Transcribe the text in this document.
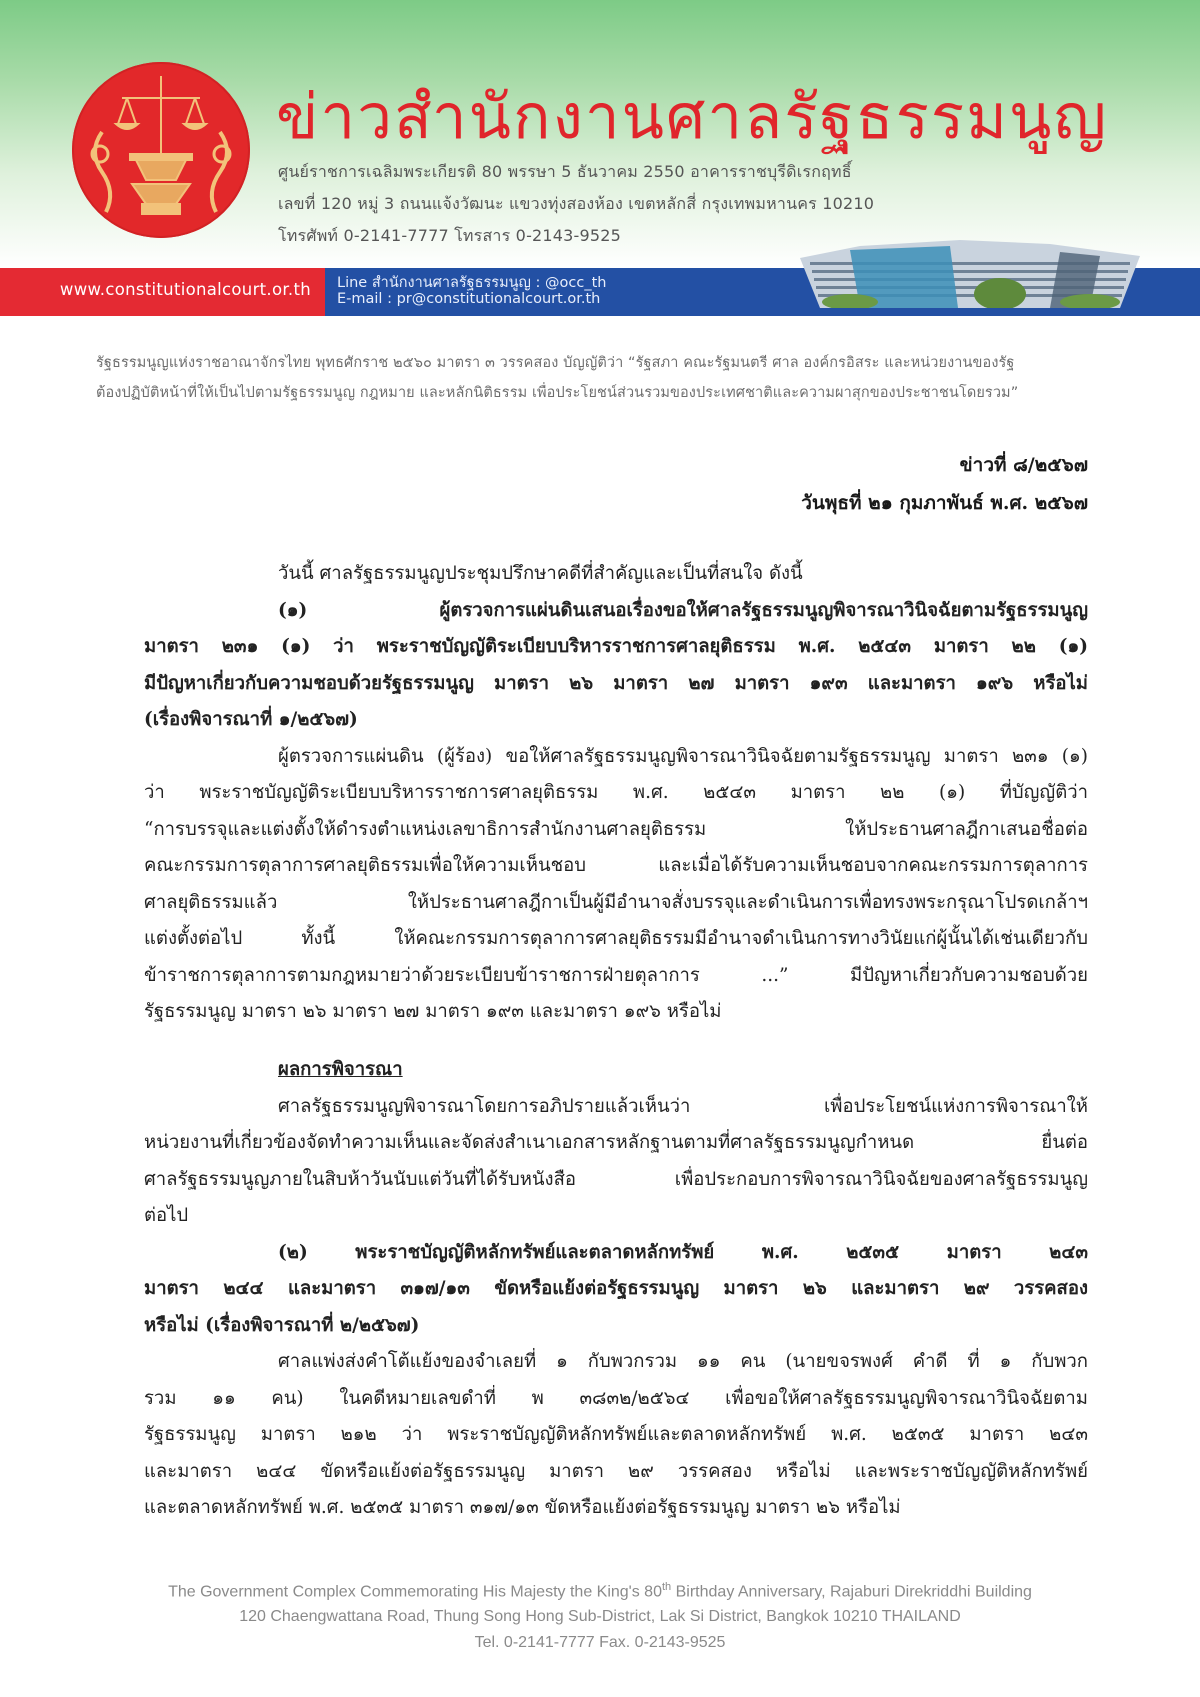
ข่าวสำนักงานศาลรัฐธรรมนูญ
ศูนย์ราชการเฉลิมพระเกียรติ 80 พรรษา 5 ธันวาคม 2550 อาคารราชบุรีดิเรกฤทธิ์
เลขที่ 120 หมู่ 3 ถนนแจ้งวัฒนะ แขวงทุ่งสองห้อง เขตหลักสี่ กรุงเทพมหานคร 10210
โทรศัพท์ 0-2141-7777 โทรสาร 0-2143-9525
www.constitutionalcourt.or.th Line สำนักงานศาลรัฐธรรมนูญ : @occ_th
E-mail : pr@constitutionalcourt.or.th
รัฐธรรมนูญแห่งราชอาณาจักรไทย พุทธศักราช ๒๕๖๐ มาตรา ๓ วรรคสอง บัญญัติว่า “รัฐสภา คณะรัฐมนตรี ศาล องค์กรอิสระ และหน่วยงานของรัฐ
ต้องปฏิบัติหน้าที่ให้เป็นไปตามรัฐธรรมนูญ กฎหมาย และหลักนิติธรรม เพื่อประโยชน์ส่วนรวมของประเทศชาติและความผาสุกของประชาชนโดยรวม”
ข่าวที่ ๘/๒๕๖๗
วันพุธที่ ๒๑ กุมภาพันธ์ พ.ศ. ๒๕๖๗
วันนี้ ศาลรัฐธรรมนูญประชุมปรึกษาคดีที่สำคัญและเป็นที่สนใจ ดังนี้
(๑) ผู้ตรวจการแผ่นดินเสนอเรื่องขอให้ศาลรัฐธรรมนูญพิจารณาวินิจฉัยตามรัฐธรรมนูญ
มาตรา ๒๓๑ (๑) ว่า พระราชบัญญัติระเบียบบริหารราชการศาลยุติธรรม พ.ศ. ๒๕๔๓ มาตรา ๒๒ (๑)
มีปัญหาเกี่ยวกับความชอบด้วยรัฐธรรมนูญ มาตรา ๒๖ มาตรา ๒๗ มาตรา ๑๙๓ และมาตรา ๑๙๖ หรือไม่
(เรื่องพิจารณาที่ ๑/๒๕๖๗)
ผู้ตรวจการแผ่นดิน (ผู้ร้อง) ขอให้ศาลรัฐธรรมนูญพิจารณาวินิจฉัยตามรัฐธรรมนูญ มาตรา ๒๓๑ (๑)
ว่า พระราชบัญญัติระเบียบบริหารราชการศาลยุติธรรม พ.ศ. ๒๕๔๓ มาตรา ๒๒ (๑) ที่บัญญัติว่า
“การบรรจุและแต่งตั้งให้ดำรงตำแหน่งเลขาธิการสำนักงานศาลยุติธรรม ให้ประธานศาลฎีกาเสนอชื่อต่อ
คณะกรรมการตุลาการศาลยุติธรรมเพื่อให้ความเห็นชอบ และเมื่อได้รับความเห็นชอบจากคณะกรรมการตุลาการ
ศาลยุติธรรมแล้ว ให้ประธานศาลฎีกาเป็นผู้มีอำนาจสั่งบรรจุและดำเนินการเพื่อทรงพระกรุณาโปรดเกล้าฯ
แต่งตั้งต่อไป ทั้งนี้ ให้คณะกรรมการตุลาการศาลยุติธรรมมีอำนาจดำเนินการทางวินัยแก่ผู้นั้นได้เช่นเดียวกับ
ข้าราชการตุลาการตามกฎหมายว่าด้วยระเบียบข้าราชการฝ่ายตุลาการ ...” มีปัญหาเกี่ยวกับความชอบด้วย
รัฐธรรมนูญ มาตรา ๒๖ มาตรา ๒๗ มาตรา ๑๙๓ และมาตรา ๑๙๖ หรือไม่
ผลการพิจารณา
ศาลรัฐธรรมนูญพิจารณาโดยการอภิปรายแล้วเห็นว่า เพื่อประโยชน์แห่งการพิจารณาให้
หน่วยงานที่เกี่ยวข้องจัดทำความเห็นและจัดส่งสำเนาเอกสารหลักฐานตามที่ศาลรัฐธรรมนูญกำหนด ยื่นต่อ
ศาลรัฐธรรมนูญภายในสิบห้าวันนับแต่วันที่ได้รับหนังสือ เพื่อประกอบการพิจารณาวินิจฉัยของศาลรัฐธรรมนูญ
ต่อไป
(๒) พระราชบัญญัติหลักทรัพย์และตลาดหลักทรัพย์ พ.ศ. ๒๕๓๕ มาตรา ๒๔๓
มาตรา ๒๔๔ และมาตรา ๓๑๗/๑๓ ขัดหรือแย้งต่อรัฐธรรมนูญ มาตรา ๒๖ และมาตรา ๒๙ วรรคสอง
หรือไม่ (เรื่องพิจารณาที่ ๒/๒๕๖๗)
ศาลแพ่งส่งคำโต้แย้งของจำเลยที่ ๑ กับพวกรวม ๑๑ คน (นายขจรพงศ์ คำดี ที่ ๑ กับพวก
รวม ๑๑ คน) ในคดีหมายเลขดำที่ พ ๓๘๓๒/๒๕๖๔ เพื่อขอให้ศาลรัฐธรรมนูญพิจารณาวินิจฉัยตาม
รัฐธรรมนูญ มาตรา ๒๑๒ ว่า พระราชบัญญัติหลักทรัพย์และตลาดหลักทรัพย์ พ.ศ. ๒๕๓๕ มาตรา ๒๔๓
และมาตรา ๒๔๔ ขัดหรือแย้งต่อรัฐธรรมนูญ มาตรา ๒๙ วรรคสอง หรือไม่ และพระราชบัญญัติหลักทรัพย์
และตลาดหลักทรัพย์ พ.ศ. ๒๕๓๕ มาตรา ๓๑๗/๑๓ ขัดหรือแย้งต่อรัฐธรรมนูญ มาตรา ๒๖ หรือไม่
The Government Complex Commemorating His Majesty the King's 80th Birthday Anniversary, Rajaburi Direkriddhi Building
120 Chaengwattana Road, Thung Song Hong Sub-District, Lak Si District, Bangkok 10210 THAILAND
Tel. 0-2141-7777 Fax. 0-2143-9525
